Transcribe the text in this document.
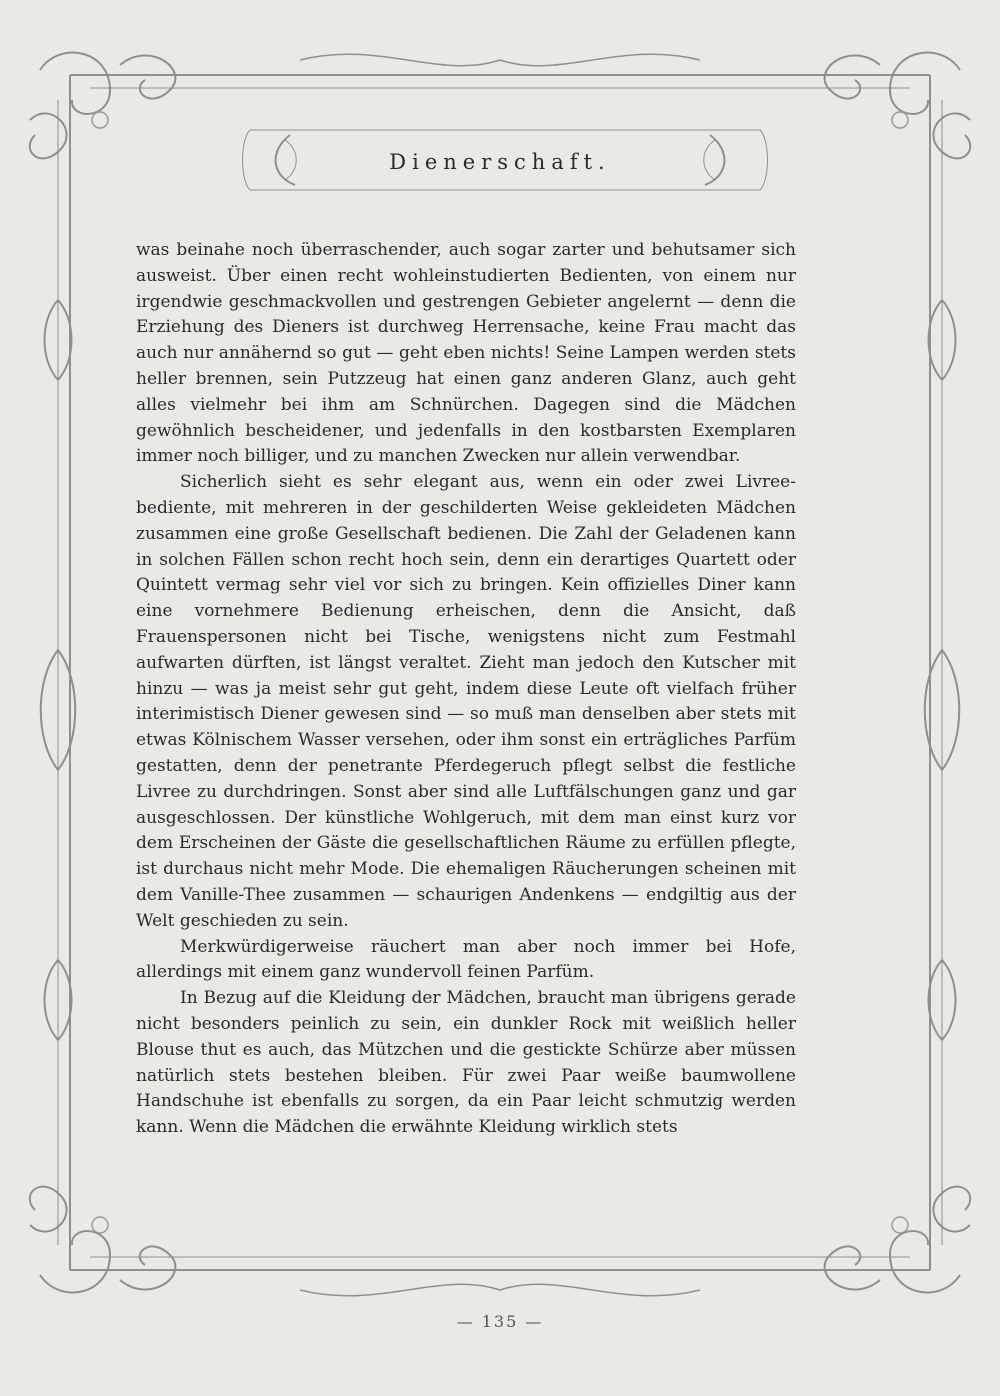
Dienerschaft.

was beinahe noch überraschender, auch sogar zarter und behutsamer sich ausweist. Über einen recht wohleinstudierten Bedienten, von einem nur irgendwie geschmackvollen und gestrengen Gebieter angelernt — denn die Erziehung des Dieners ist durchweg Herrensache, keine Frau macht das auch nur annähernd so gut — geht eben nichts! Seine Lampen werden stets heller brennen, sein Putzzeug hat einen ganz anderen Glanz, auch geht alles vielmehr bei ihm am Schnürchen. Dagegen sind die Mädchen gewöhnlich bescheidener, und jedenfalls in den kostbarsten Exemplaren immer noch billiger, und zu manchen Zwecken nur allein verwendbar.

Sicherlich sieht es sehr elegant aus, wenn ein oder zwei Livree-bediente, mit mehreren in der geschilderten Weise gekleideten Mädchen zusammen eine große Gesellschaft bedienen. Die Zahl der Geladenen kann in solchen Fällen schon recht hoch sein, denn ein derartiges Quartett oder Quintett vermag sehr viel vor sich zu bringen. Kein offizielles Diner kann eine vornehmere Bedienung erheischen, denn die Ansicht, daß Frauenspersonen nicht bei Tische, wenigstens nicht zum Festmahl aufwarten dürften, ist längst veraltet. Zieht man jedoch den Kutscher mit hinzu — was ja meist sehr gut geht, indem diese Leute oft vielfach früher interimistisch Diener gewesen sind — so muß man denselben aber stets mit etwas Kölnischem Wasser versehen, oder ihm sonst ein erträgliches Parfüm gestatten, denn der penetrante Pferdegeruch pflegt selbst die festliche Livree zu durchdringen. Sonst aber sind alle Luftfälschungen ganz und gar ausgeschlossen. Der künstliche Wohlgeruch, mit dem man einst kurz vor dem Erscheinen der Gäste die gesellschaftlichen Räume zu erfüllen pflegte, ist durchaus nicht mehr Mode. Die ehemaligen Räucherungen scheinen mit dem Vanille-Thee zusammen — schaurigen Andenkens — endgiltig aus der Welt geschieden zu sein.

Merkwürdigerweise räuchert man aber noch immer bei Hofe, allerdings mit einem ganz wundervoll feinen Parfüm.

In Bezug auf die Kleidung der Mädchen, braucht man übrigens gerade nicht besonders peinlich zu sein, ein dunkler Rock mit weißlich heller Blouse thut es auch, das Mützchen und die gestickte Schürze aber müssen natürlich stets bestehen bleiben. Für zwei Paar weiße baumwollene Handschuhe ist ebenfalls zu sorgen, da ein Paar leicht schmutzig werden kann. Wenn die Mädchen die erwähnte Kleidung wirklich stets

— 135 —
